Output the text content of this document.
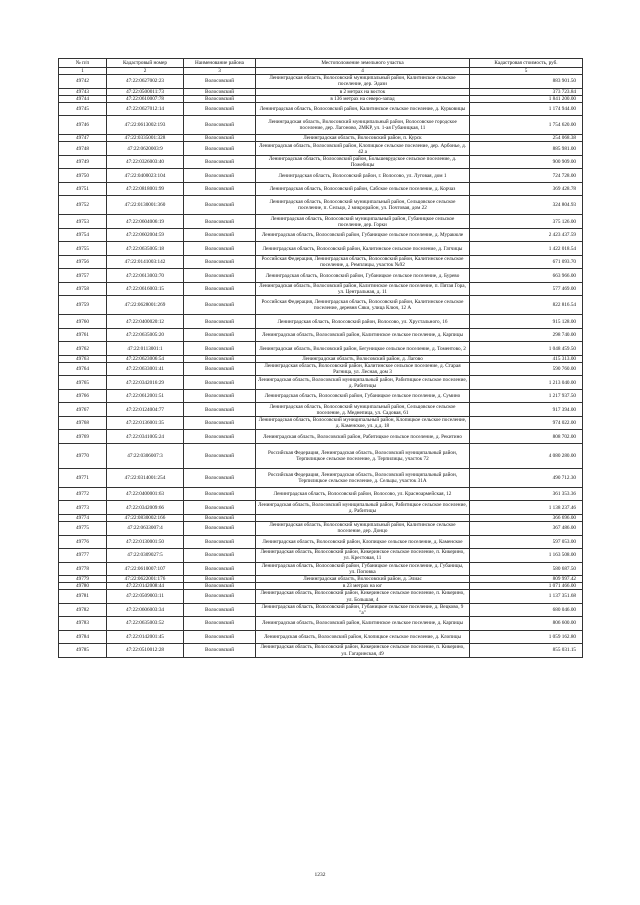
№ п/п	Кадастровый номер	Наименование района	Местоположение земельного участка	Кадастровая стоимость, руб.
1	2	3	4	5
49742	47:22:0627002:23	Волосовский	Ленинградская область, Волосовский муниципальный район, Калитинское сельское поселение, дер. Эдази	883 901.50
49743	47:22:0500011:73	Волосовский	в 2 метрах на восток	373 723.84
49744	47:22:0610007:78	Волосовский	в 136 метрах на северо-запад	1 841 200.00
49745	47:22:0627012:14	Волосовский	Ленинградская область, Волосовский район, Калитинское сельское поселение, д. Курковицы	1 174 944.00
49746	47:22:0613002:193	Волосовский	Ленинградская область, Волосовский муниципальный район, Волосовское городское поселение, дер. Лагоново, 2МКР, ул. 1-ая Губаницкая, 11	1 754 620.00
49747	47:22:0335001:328	Волосовский	Ленинградская область, Волосовский район, п. Курск	254 068.38
49748	47:22:0620003:9	Волосовский	Ленинградская область, Волосовский район, Клопицкое сельское поселение, дер. Арбонье, д. 42 а	885 981.00
49749	47:22:0326003:40	Волосовский	Ленинградская область, Волосовский район, Большеврудское сельское поселение, д. Пожебицы	900 909.00
49750	47:22:0400023:104	Волосовский	Ленинградская область, Волосовский район, г. Волосово, ул. Луговая, дом 1	724 728.00
49751	47:22:0818001:99	Волосовский	Ленинградская область, Волосовский район, Сабское сельское поселение, д. Корчаз	369 428.78
49752	47:22:0130001:360	Волосовский	Ленинградская область, Волосовский муниципальный район, Сельцовское сельское поселение, п. Сельцо, 2 микрорайон, ул. Почтовая, дом 22	324 804.93
49753	47:22:0604006:19	Волосовский	Ленинградская область, Волосовский муниципальный район, Губаницкое сельское поселение, дер. Горки	375 126.00
49754	47:22:0602004:59	Волосовский	Ленинградская область, Волосовский район, Губаницкое сельское поселение, д. Муракюле	2 423 437.59
49755	47:22:0635005:18	Волосовский	Ленинградская область, Волосовский район, Калитинское сельское поселение, д. Гатчицы	1 422 018.54
49756	47:22:0141003:142	Волосовский	Российская Федерация, Ленинградская область, Волосовский район, Калитинское сельское поселение, д. Ремплицы, участок №92	671 093.70
49757	47:22:0613003:70	Волосовский	Ленинградская область, Волосовский район, Губаницкое сельское поселение, д. Бурево	663 966.00
49758	47:22:0616003:15	Волосовский	Ленинградская область, Волосовский район, Калитинское сельское поселение, п. Пятая Гора, ул. Центральная, д. 11	577 469.00
49759	47:22:0628001:269	Волосовский	Российская Федерация, Ленинградская область, Волосовский район, Калитинское сельское поселение, деревня Сяки, улица Ключ, 12 А	822 816.54
49760	47:22:0400020:12	Волосовский	Ленинградская область, Волосовский район, Волосово, ул. Хрустального, 16	915 128.00
49761	47:22:0635005:20	Волосовский	Ленинградская область, Волосовский район, Калитинское сельское поселение, д. Карпицы	298 740.00
49762	47:22:0113001:1	Волосовский	Ленинградская область, Волосовский район, Бегуницкое сельское поселение, д. Томентово, 2	1 048 459.50
49763	47:22:0623006:54	Волосовский	Ленинградская область, Волосовский район, д. Лагово	415 313.00
49764	47:22:0633001:41	Волосовский	Ленинградская область, Волосовский район, Калитинское сельское поселение, д. Старая Рагница, ул. Лесная, дом 3	590 760.00
49765	47:22:0342016:29	Волосовский	Ленинградская область, Волосовский муниципальный район, Рабитицкое сельское поселение, д. Рабитицы	1 213 040.00
49766	47:22:0612001:51	Волосовский	Ленинградская область, Волосовский район, Губаницкое сельское поселение, д. Сумино	1 217 937.50
49767	47:22:0124004:77	Волосовский	Ленинградская область, Волосовский муниципальный район, Сельцовское сельское поселение, д. Меднепица, ул. Садовая, 61	917 394.00
49768	47:22:0136001:35	Волосовский	Ленинградская область, Волосовский муниципальный район, Клопицкое сельское поселение, д. Каменское, ул. д.д. 18	974 022.00
49769	47:22:0341005:24	Волосовский	Ленинградская область, Волосовский район, Рабитицкое сельское поселение, д. Рекитино	808 702.00
49770	47:22:0306007:3	Волосовский	Российская Федерация, Ленинградская область, Волосовский муниципальный район, Терпилицкое сельское поселение, д. Терпилицы, участок 72	4 080 280.00
49771	47:22:0314001:254	Волосовский	Российская Федерация, Ленинградская область, Волосовский муниципальный район, Терпилицкое сельское поселение, д. Сельцы, участок 31А	490 712.30
49772	47:22:0400001:63	Волосовский	Ленинградская область, Волосовский район, Волосово, ул. Красноармейская, 12	361 353.36
49773	47:22:0342009:66	Волосовский	Ленинградская область, Волосовский муниципальный район, Рабитицкое сельское поселение, д. Рабитицы	1 138 237.46
49774	47:22:0830002:166	Волосовский		366 696.00
49775	47:22:0633007:4	Волосовский	Ленинградская область, Волосовский муниципальный район, Калитинское сельское поселение, дер. Донцо	367 486.00
49776	47:22:0130001:50	Волосовский	Ленинградская область, Волосовский район, Клопицкое сельское поселение, д. Каменское	597 053.00
49777	47:22:0309027:5	Волосовский	Ленинградская область, Волосовский район, Кикеринское сельское поселение, п. Кикерино, ул. Крестовая, 11	1 163 508.00
49778	47:22:0610007:107	Волосовский	Ленинградская область, Волосовский район, Губаницкое сельское поселение, д. Губаницы, ул. Поповка	580 687.50
49779	47:22:0622001:176	Волосовский	Ленинградская область, Волосовский район, д. Элиас	809 997.42
49780	47:22:0142008:44	Волосовский	в 23 метрах на юг	1 071 466.00
49781	47:22:0509003:11	Волосовский	Ленинградская область, Волосовский район, Кикеринское сельское поселение, п. Кикерино, ул. Большая, 4	1 137 351.68
49782	47:22:0606003:34	Волосовский	Ленинградская область, Волосовский район, Губаницкое сельское поселение, д. Вецково, 9 "а"	680 046.00
49783	47:22:0635003:52	Волосовский	Ленинградская область, Волосовский район, Калитинское сельское поселение, д. Карпицы	806 600.00
49784	47:22:0142001:45	Волосовский	Ленинградская область, Волосовский район, Клопицкое сельское поселение, д. Клопицы	1 059 162.80
49785	47:22:0510012:28	Волосовский	Ленинградская область, Волосовский район, Кикеринское сельское поселение, п. Кикерино, ул. Гагаринская, 49	855 031.15
1232
